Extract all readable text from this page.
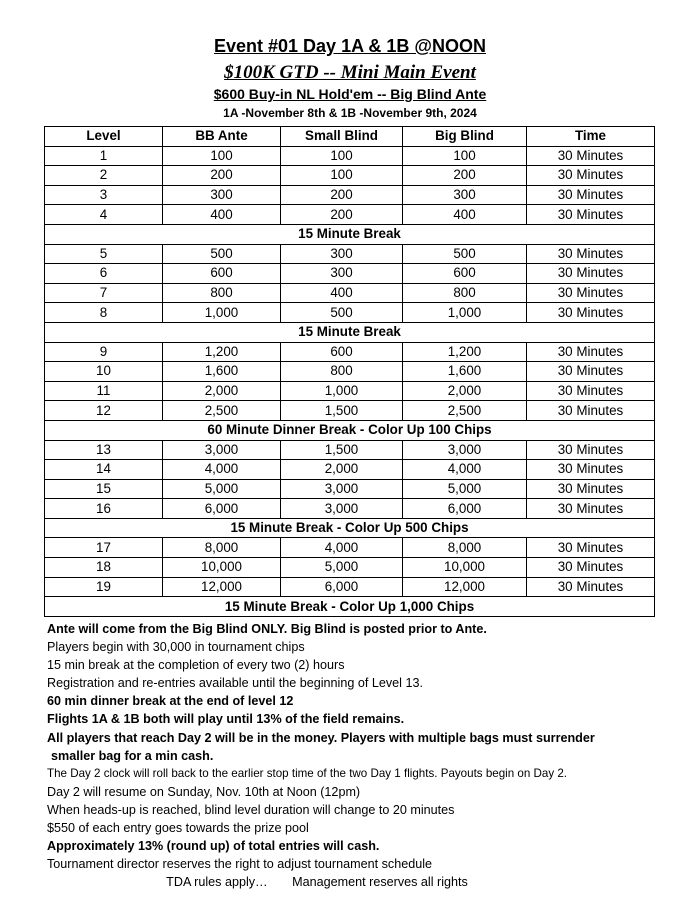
Event #01 Day 1A & 1B @NOON
$100K GTD -- Mini Main Event
$600 Buy-in NL Hold'em -- Big Blind Ante
1A -November 8th & 1B -November 9th, 2024
Level	BB Ante	Small Blind	Big Blind	Time
1	100	100	100	30 Minutes
2	200	100	200	30 Minutes
3	300	200	300	30 Minutes
4	400	200	400	30 Minutes
15 Minute Break				
5	500	300	500	30 Minutes
6	600	300	600	30 Minutes
7	800	400	800	30 Minutes
8	1,000	500	1,000	30 Minutes
15 Minute Break				
9	1,200	600	1,200	30 Minutes
10	1,600	800	1,600	30 Minutes
11	2,000	1,000	2,000	30 Minutes
12	2,500	1,500	2,500	30 Minutes
60 Minute Dinner Break - Color Up 100 Chips				
13	3,000	1,500	3,000	30 Minutes
14	4,000	2,000	4,000	30 Minutes
15	5,000	3,000	5,000	30 Minutes
16	6,000	3,000	6,000	30 Minutes
15 Minute Break - Color Up 500 Chips				
17	8,000	4,000	8,000	30 Minutes
18	10,000	5,000	10,000	30 Minutes
19	12,000	6,000	12,000	30 Minutes
15 Minute Break - Color Up 1,000 Chips				
Ante will come from the Big Blind ONLY. Big Blind is posted prior to Ante.
Players begin with 30,000 in tournament chips
15 min break at the completion of every two (2) hours
Registration and re-entries available until the beginning of Level 13.
60 min dinner break at the end of level 12
Flights 1A & 1B both will play until 13% of the field remains.
All players that reach Day 2 will be in the money. Players with multiple bags must surrender
smaller bag for a min cash.
The Day 2 clock will roll back to the earlier stop time of the two Day 1 flights. Payouts begin on Day 2.
Day 2 will resume on Sunday, Nov. 10th at Noon (12pm)
When heads-up is reached, blind level duration will change to 20 minutes
$550 of each entry goes towards the prize pool
Approximately 13% (round up) of total entries will cash.
Tournament director reserves the right to adjust tournament schedule
TDA rules apply…       Management reserves all rights
